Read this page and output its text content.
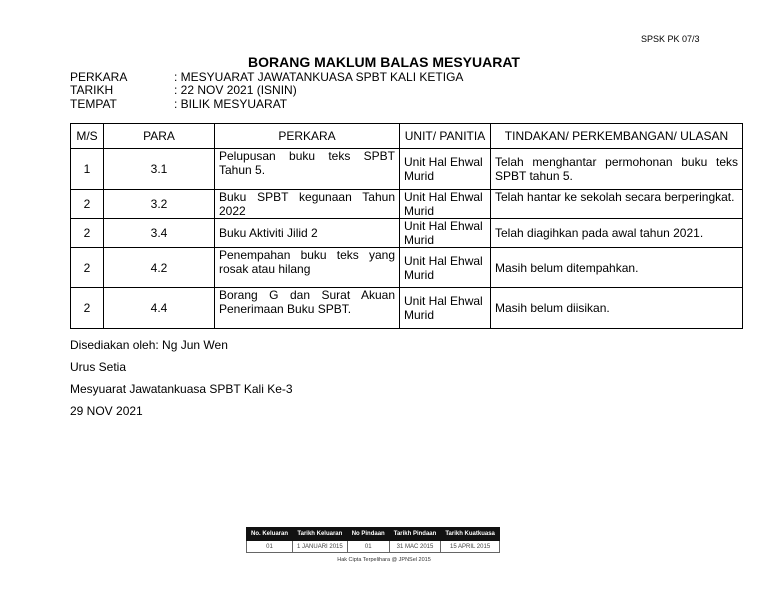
SPSK PK 07/3
BORANG MAKLUM BALAS MESYUARAT
PERKARA	: MESYUARAT JAWATANKUASA SPBT KALI KETIGA
TARIKH	: 22 NOV 2021 (ISNIN)
TEMPAT	: BILIK MESYUARAT
M/S	PARA	PERKARA	UNIT/ PANITIA	TINDAKAN/ PERKEMBANGAN/ ULASAN
1	3.1	Pelupusan buku teks SPBT Tahun 5.	Unit Hal Ehwal Murid	Telah menghantar permohonan buku teks SPBT tahun 5.
2	3.2	Buku SPBT kegunaan Tahun 2022	Unit Hal Ehwal Murid	Telah hantar ke sekolah secara berperingkat.
2	3.4	Buku Aktiviti Jilid 2	Unit Hal Ehwal Murid	Telah diagihkan pada awal tahun 2021.
2	4.2	Penempahan buku teks yang rosak atau hilang	Unit Hal Ehwal Murid	Masih belum ditempahkan.
2	4.4	Borang G dan Surat Akuan Penerimaan Buku SPBT.	Unit Hal Ehwal Murid	Masih belum diisikan.
Disediakan oleh: Ng Jun Wen
Urus Setia
Mesyuarat Jawatankuasa SPBT Kali Ke-3
29 NOV 2021
No. Keluaran	Tarikh Keluaran	No Pindaan	Tarikh Pindaan	Tarikh Kuatkuasa
01	1 JANUARI 2015	01	31 MAC 2015	15 APRIL 2015
Hak Cipta Terpelihara @ JPNSel 2015
